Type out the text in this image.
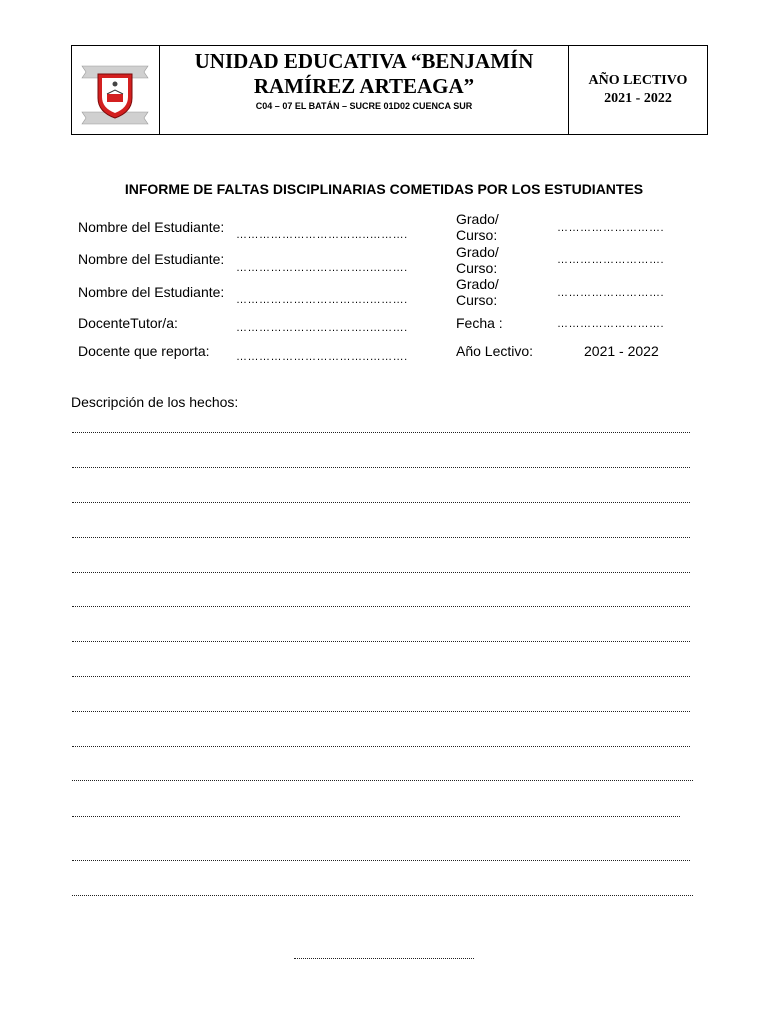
UNIDAD EDUCATIVA “BENJAMÍN
RAMÍREZ ARTEAGA”
C04 – 07 EL BATÁN – SUCRE 01D02 CUENCA SUR
AÑO LECTIVO
2021 - 2022
INFORME DE FALTAS DISCIPLINARIAS COMETIDAS POR LOS ESTUDIANTES
Nombre del Estudiante:
Nombre del Estudiante:
Nombre del Estudiante:
DocenteTutor/a:
Docente que reporta:
……………………………..……….
……………………………..……….
……………………………..……….
……………………………..……….
……………………………..……….
Grado/
Curso:
Grado/
Curso:
Grado/
Curso:
Fecha :
Año Lectivo:
……………………….
……………………….
……………………….
……………………….
2021 - 2022
Descripción de los hechos:
